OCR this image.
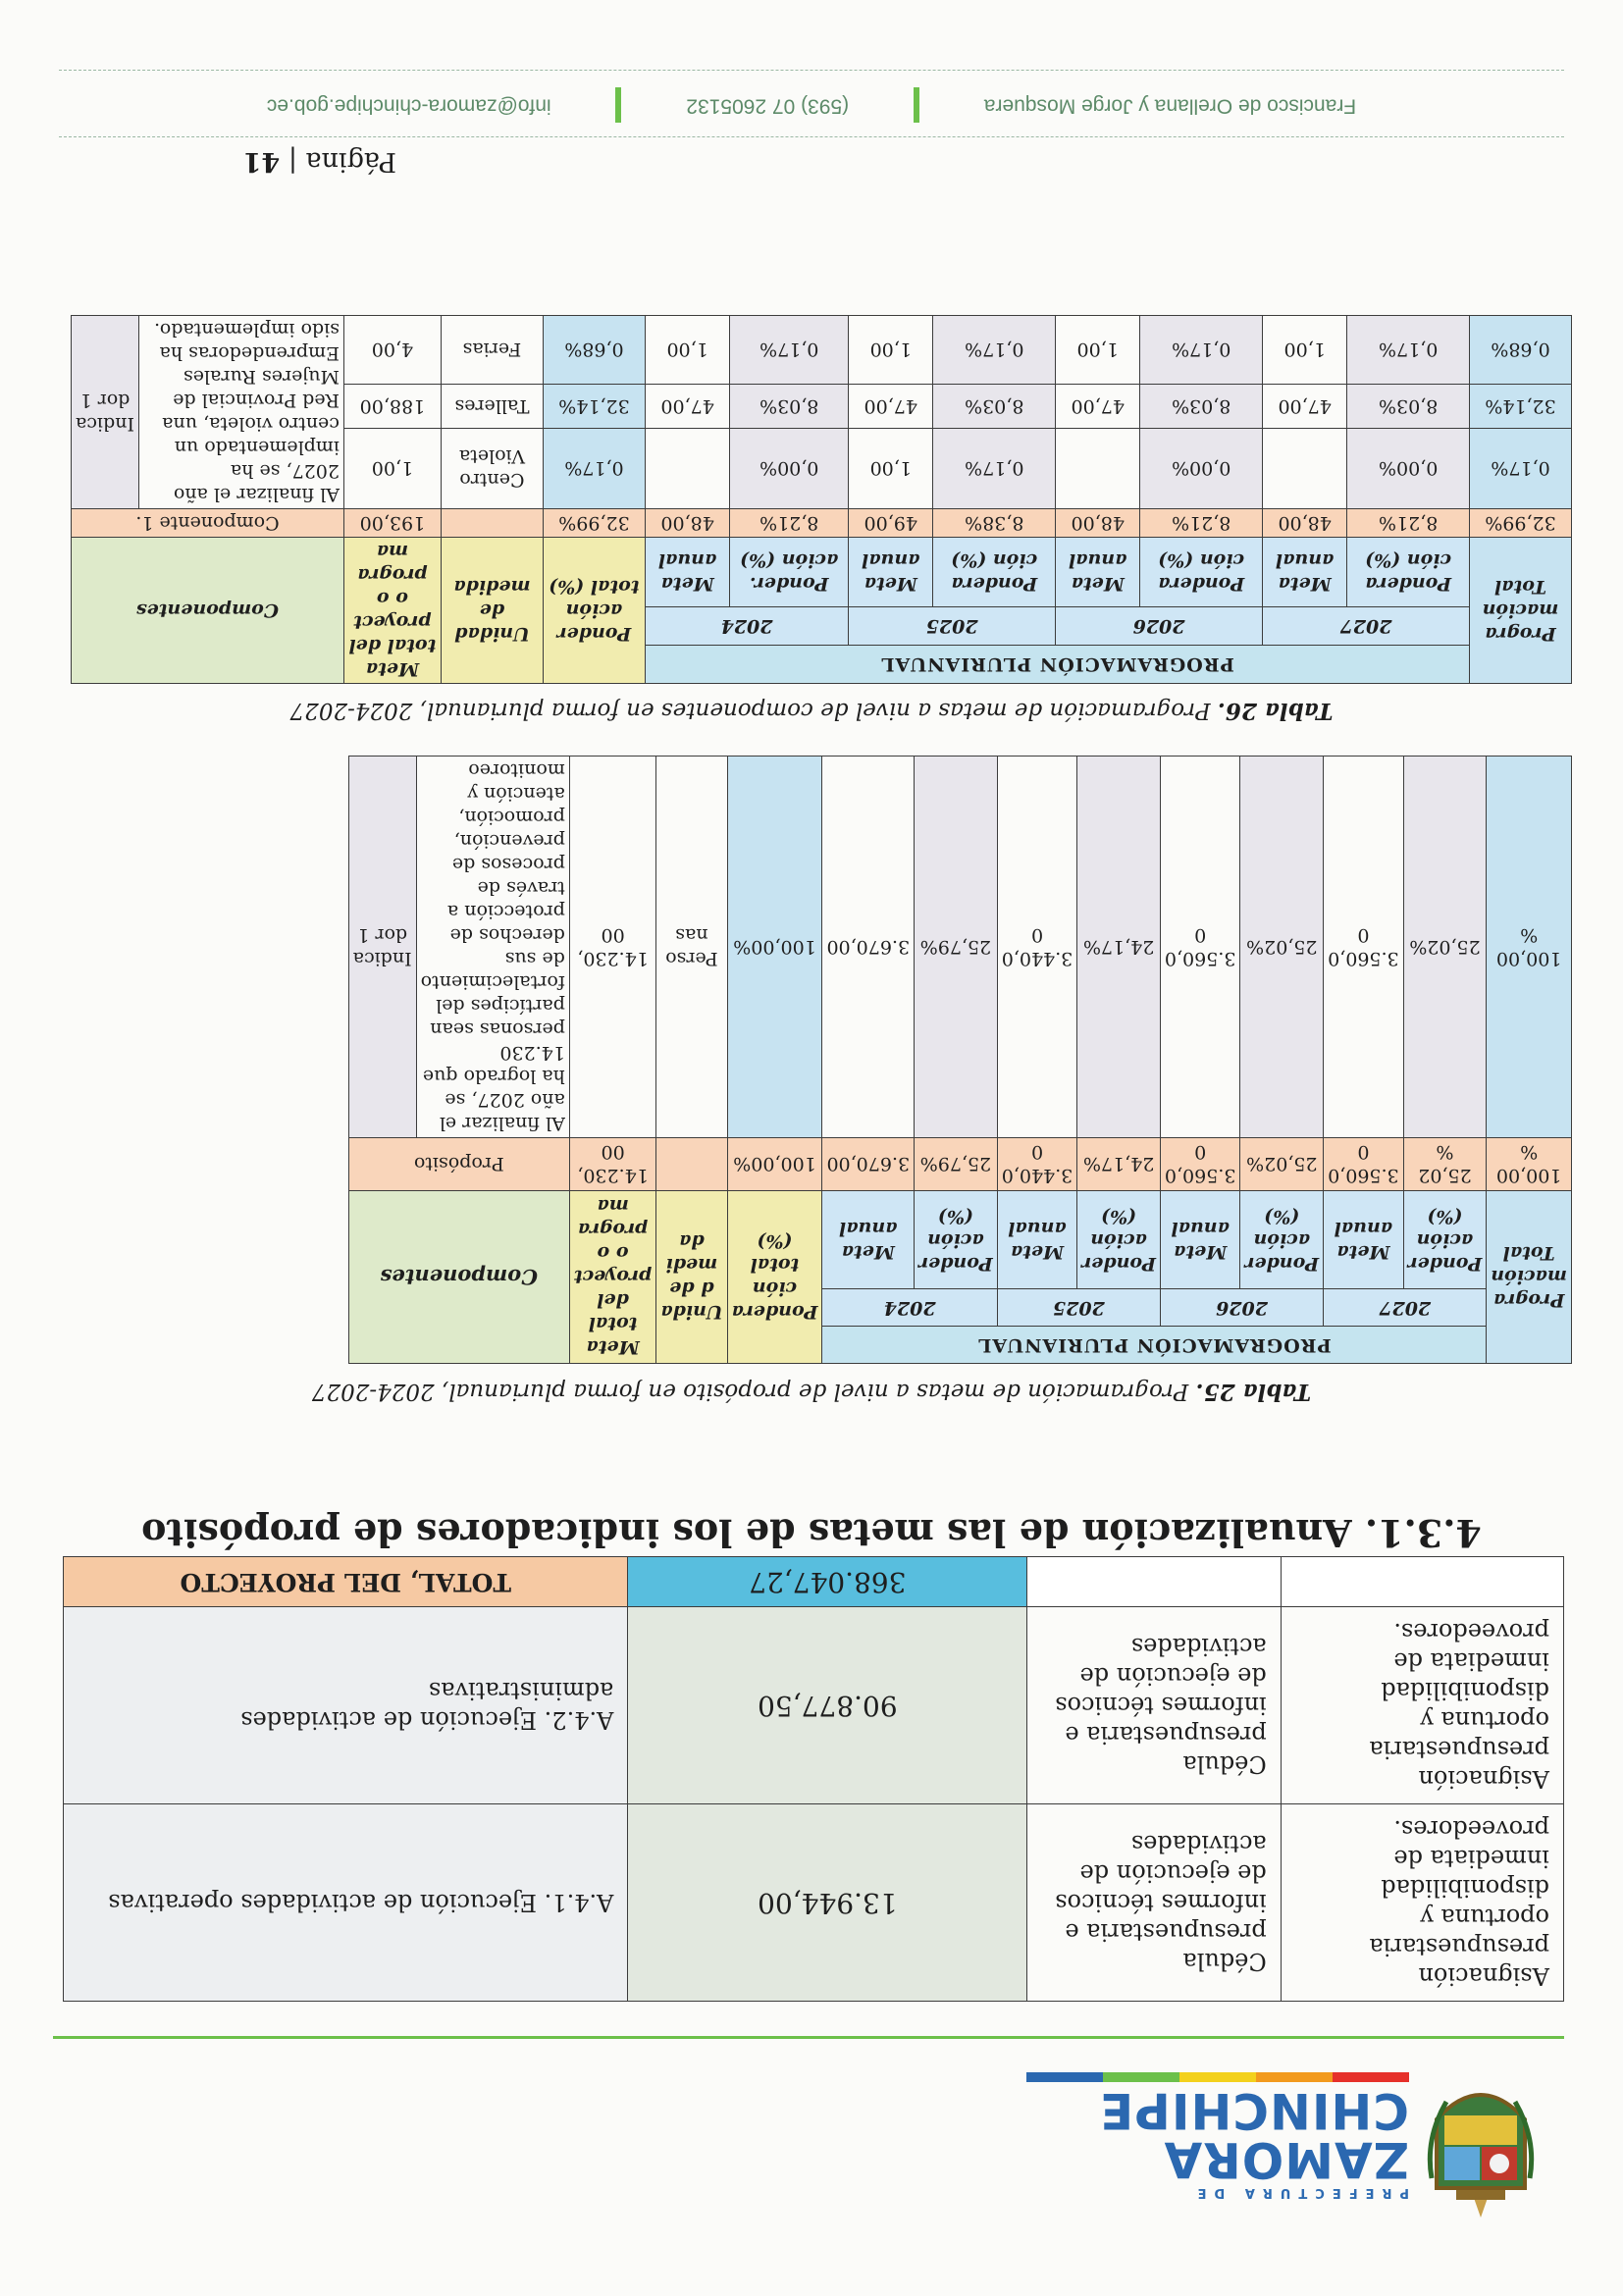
PREFECTURA DE
ZAMORA
CHINCHIPE
Asignación presupuestaria oportuna y disponibilidad inmediata de proveedores.	Cédula presupuestaria e informes técnicos de ejecución de actividades	13.944,00	A.4.1. Ejecución de actividades operativas
Asignación presupuestaria oportuna y disponibilidad inmediata de proveedores.	Cédula presupuestaria e informes técnicos de ejecución de actividades	90.877,50	A.4.2. Ejecución de actividades administrativas
		368.047,27	TOTAL, DEL PROYECTO
4.3.1. Anualización de las metas de los indicadores de propósito
Tabla 25. Programación de metas a nivel de propósito en forma plurianual, 2024-2027
Progra mación Total	PROGRAMACIÓN PLURIANUAL								Pondera ción total (%)	Unida d de medi da	Meta total del proyect o o progra ma	Componentes	
	2027		2026		2025		2024						
	Ponder ación (%)	Meta anual	Ponder ación (%)	Meta anual	Ponder ación (%)	Meta anual	Ponder ación (%)	Meta anual					
100,00 %	25,02 %	3.560,0 0	25,02%	3.560,0 0	24,17%	3.440,0 0	25,79%	3.670,00	100,00%		14.230, 00	Propósito	
100,00 %	25,02%	3.560,0 0	25,02%	3.560,0 0	24,17%	3.440,0 0	25,79%	3.670,00	100,00%	Perso nas	14.230, 00	Al finalizar el año 2027, se ha logrado que 14.230 personas sean partícipes del fortalecimiento de sus derechos de protección a través de procesos de prevención, promoción, atención y monitoreo	Indica dor 1
Tabla 26. Programación de metas a nivel de componentes en forma plurianual, 2024-2027
Progra mación Total	PROGRAMACIÓN PLURIANUAL								Ponder ación total (%)	Unidad de medida	Meta total del proyect o o progra ma	Componentes	
	2027		2026		2025		2024						
	Pondera ción (%)	Meta anual	Pondera ción (%)	Meta anual	Pondera ción (%)	Meta anual	Ponder. ación (%)	Meta anual					
32,99%	8,21%	48,00	8,21%	48,00	8,38%	49,00	8,21%	48,00	32,99%		193,00	Componente 1.	
0,17%	0,00%		0,00%		0,17%	1,00	0,00%		0,17%	Centro Violeta	1,00	Al finalizar el año 2027, se ha implementado un centro violeta, una Red Provincial de Mujeres Rurales Emprendedoras ha sido implementado.	Indica dor 1
32,14%	8,03%	47,00	8,03%	47,00	8,03%	47,00	8,03%	47,00	32,14%	Talleres	188,00		
0,68%	0,17%	1,00	0,17%	1,00	0,17%	1,00	0,17%	1,00	0,68%	Ferias	4,00		
Página | 41
Francisco de Orellana y Jorge Mosquera  (593) 07 2605132  info@zamora-chinchipe.gob.ec
